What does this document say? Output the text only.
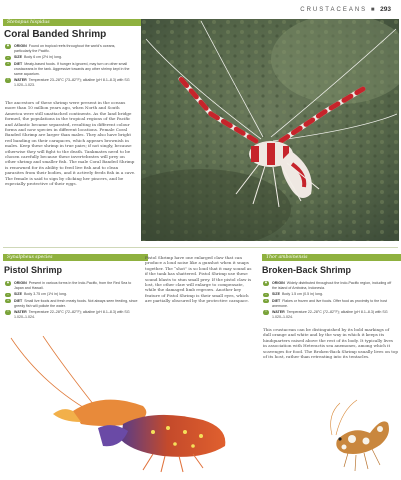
CRUSTACEANS ■ 293
Stenopus hispidus
Coral Banded Shrimp
◉	ORIGIN Found on tropical reefs throughout the world's oceans, particularly the Pacific.
↔	SIZE Body 6 cm (2½ in) long.
♦	DIET Meaty-based foods. If hunger is ignored, may turn on other small crustaceans in the tank. Aggressive towards any other shrimp kept in the same aquarium.
≈	WATER Temperature 23–28°C (73–82°F); alkaline (pH 8.1–8.3) with SG 1.020–1.023.

The ancestors of these shrimp were present in the oceans more than 10 million years ago, when North and South America were still unattached continents. As the land bridge formed, the populations in the tropical regions of the Pacific and Atlantic became separated, resulting in different colour forms and now species in different locations. Female Coral Banded Shrimp are larger than males. They also have bright red banding on their carapaces, which appears brownish in males. Keep these shrimp in true pairs; if not singly, because otherwise they will fight to the death. Tankmates need to be chosen carefully because these invertebrates will prey on other shrimp and smaller fish. The male Coral Banded Shrimp is renowned for its ability to feed live fish and to clean parasites from their bodies, and it actively feeds fish in a cave. The female is said to sign by clicking her pincers, and be especially protective of their eggs.

Synalpheus species
Pistol Shrimp
◉	ORIGIN Present in various forms in the Indo-Pacific, from the Red Sea to Japan and Hawaii.
↔	SIZE Body 3.75 cm (1½ in) long.
♦	DIET Small live foods and fresh meaty foods. Not always seen feeding, since greedy fish will pollute the water.
≈	WATER Temperature 22–28°C (72–82°F); alkaline (pH 8.1–8.3) with SG 1.020–1.024.

Pistol Shrimp have one enlarged claw that can produce a loud noise like a gunshot when it snaps together. The “shot” is so loud that it may sound as if the tank has shattered. Pistol Shrimp use these sound blasts to stun small prey. If the pistol claw is lost, the other claw will enlarge to compensate, while the damaged limb regrows. Another key feature of Pistol Shrimp is their small eyes, which are partially obscured by the protective carapace.

Thor amboinensis
Broken-Back Shrimp
◉	ORIGIN Widely distributed throughout the Indo-Pacific region, including off the island of Amboina, Indonesia.
↔	SIZE Body 1.5 cm (0.5 in) long.
♦	DIET Flakes or frozen and live foods. Offer food as proximity to the host anemone.
≈	WATER Temperature 22–28°C (72–82°F); alkaline (pH 8.1–8.3) with SG 1.020–1.024.

This crustacean can be distinguished by its bold markings of dull orange and white and by the way in which it keeps its hindquarters raised above the rest of its body. It typically lives in association with Heteractis sea anemones, among which it scavenges for food. The Broken-Back Shrimp usually lives on top of its host, rather than retreating into its tentacles.
